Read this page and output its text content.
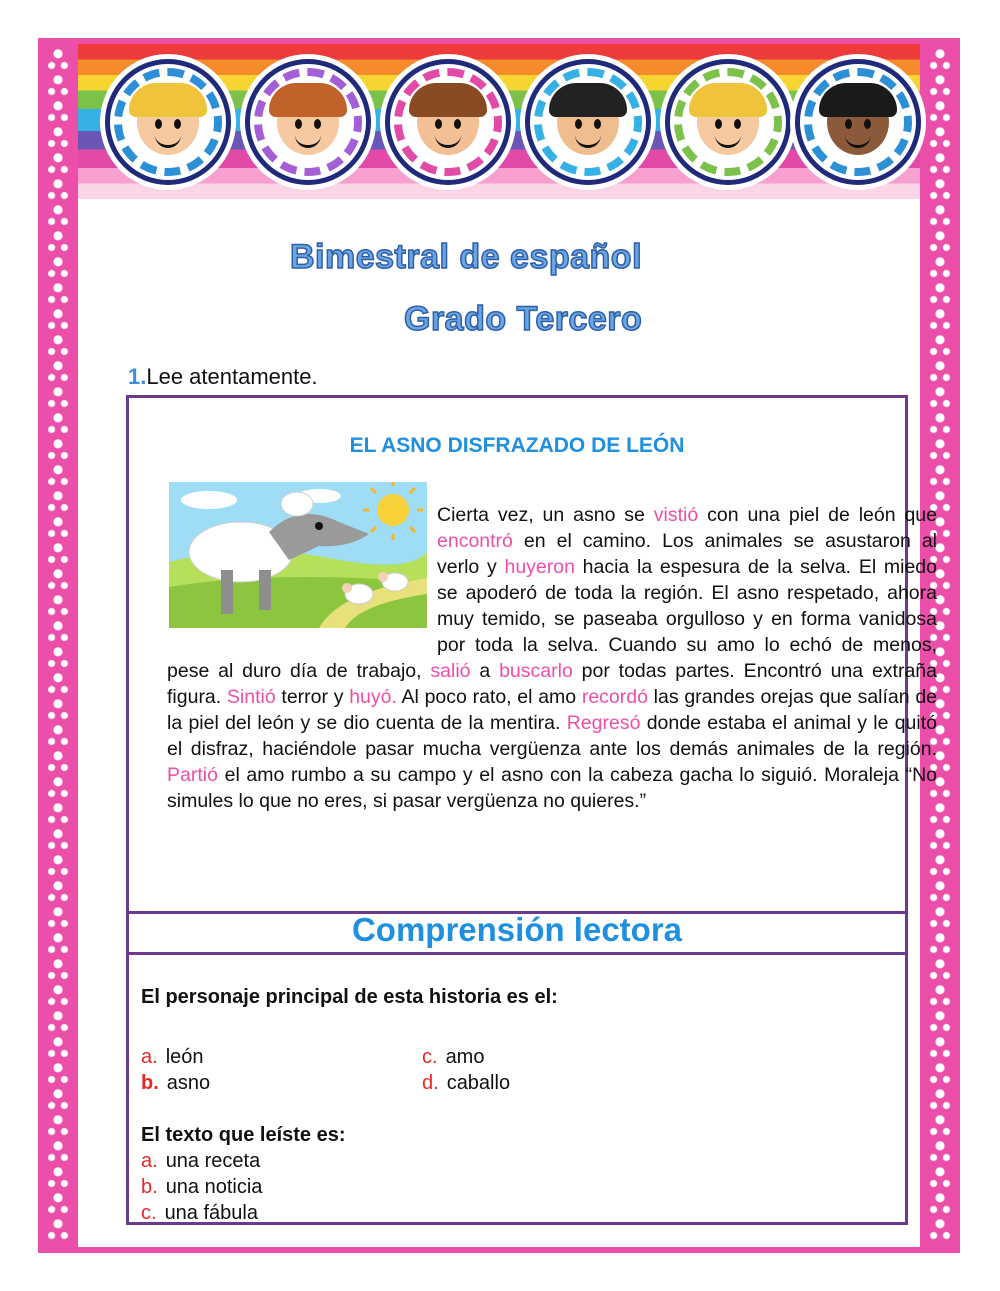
Bimestral de español
Grado Tercero
1.Lee atentamente.
EL ASNO DISFRAZADO DE LEÓN

Cierta vez, un asno se vistió con una piel de león que encontró en el camino. Los animales se asustaron al verlo y huyeron hacia la espesura de la selva. El miedo se apoderó de toda la región. El asno respetado, ahora muy temido, se paseaba orgulloso y en forma vanidosa por toda la selva. Cuando su amo lo echó de menos, pese al duro día de trabajo, salió a buscarlo por todas partes. Encontró una extraña figura. Sintió terror y huyó. Al poco rato, el amo recordó las grandes orejas que salían de la piel del león y se dio cuenta de la mentira. Regresó donde estaba el animal y le quitó el disfraz, haciéndole pasar mucha vergüenza ante los demás animales de la región. Partió el amo rumbo a su campo y el asno con la cabeza gacha lo siguió. Moraleja “No simules lo que no eres, si pasar vergüenza no quieres.”

Comprensión lectora
El personaje principal de esta historia es el:
a. león
b. asno
c. amo
d. caballo
El texto que leíste es:
a. una receta
b. una noticia
c. una fábula
